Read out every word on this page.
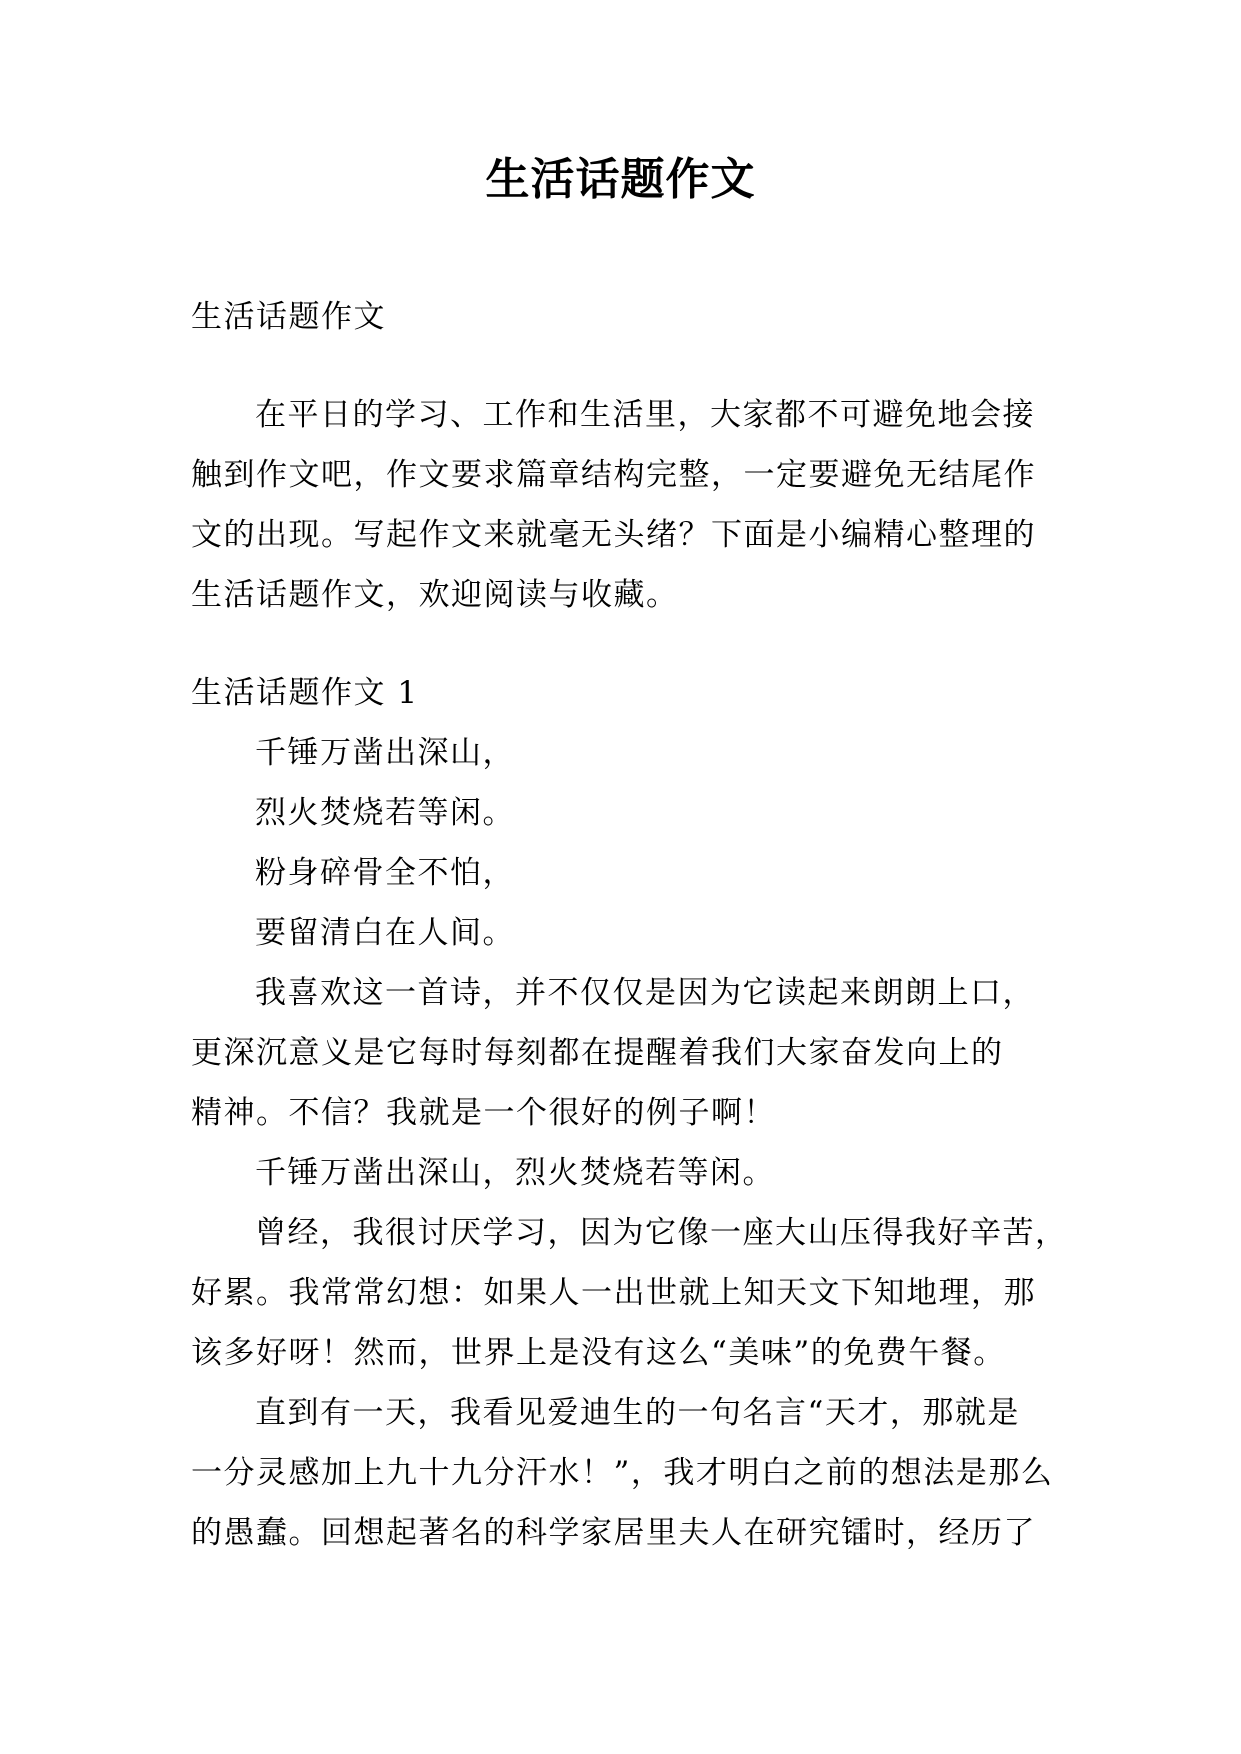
生活话题作文

生活话题作文

在平日的学习、工作和生活里，大家都不可避免地会接

触到作文吧，作文要求篇章结构完整，一定要避免无结尾作

文的出现。写起作文来就毫无头绪？下面是小编精心整理的

生活话题作文，欢迎阅读与收藏。

生活话题作文 1

千锤万凿出深山，

烈火焚烧若等闲。

粉身碎骨全不怕，

要留清白在人间。

我喜欢这一首诗，并不仅仅是因为它读起来朗朗上口，

更深沉意义是它每时每刻都在提醒着我们大家奋发向上的

精神。不信？我就是一个很好的例子啊！

千锤万凿出深山，烈火焚烧若等闲。

曾经，我很讨厌学习，因为它像一座大山压得我好辛苦，

好累。我常常幻想：如果人一出世就上知天文下知地理，那

该多好呀！然而，世界上是没有这么“美味”的免费午餐。

直到有一天，我看见爱迪生的一句名言“天才，那就是

一分灵感加上九十九分汗水！”，我才明白之前的想法是那么

的愚蠢。回想起著名的科学家居里夫人在研究镭时，经历了
